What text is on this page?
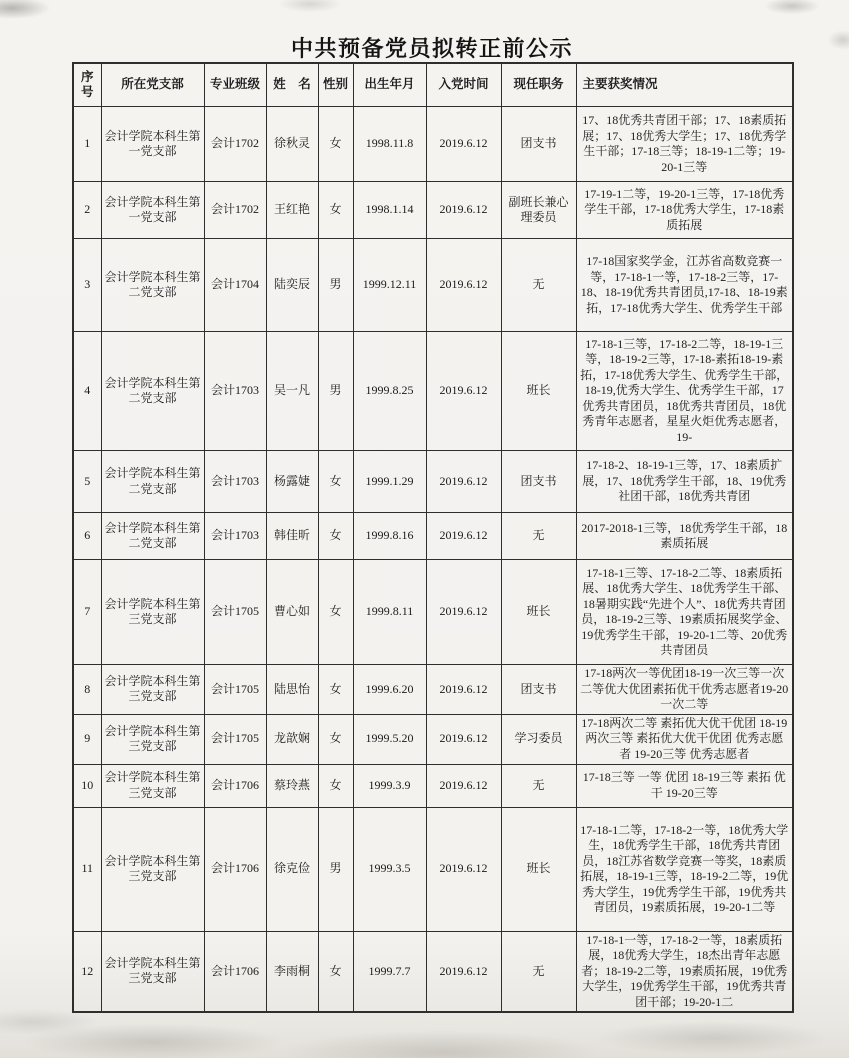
中共预备党员拟转正前公示
序号	所在党支部	专业班级	姓　名	性别	出生年月	入党时间	现任职务	主要获奖情况
1	会计学院本科生第一党支部	会计1702	徐秋灵	女	1998.11.8	2019.6.12	团支书	17、18优秀共青团干部；17、18素质拓展；17、18优秀大学生；17、18优秀学生干部；17-18三等；18-19-1二等；19-20-1三等
2	会计学院本科生第一党支部	会计1702	王红艳	女	1998.1.14	2019.6.12	副班长兼心理委员	17-19-1二等，19-20-1三等，17-18优秀学生干部，17-18优秀大学生，17-18素质拓展
3	会计学院本科生第二党支部	会计1704	陆奕辰	男	1999.12.11	2019.6.12	无	17-18国家奖学金，江苏省高数竞赛一等，17-18-1一等，17-18-2三等，17-18、18-19优秀共青团员,17-18、18-19素拓，17-18优秀大学生、优秀学生干部
4	会计学院本科生第二党支部	会计1703	吴一凡	男	1999.8.25	2019.6.12	班长	17-18-1三等，17-18-2二等，18-19-1三等，18-19-2三等，17-18-素拓18-19-素拓，17-18优秀大学生、优秀学生干部，18-19,优秀大学生、优秀学生干部，17优秀共青团员，18优秀共青团员，18优秀青年志愿者，星星火炬优秀志愿者，19-
5	会计学院本科生第二党支部	会计1703	杨露婕	女	1999.1.29	2019.6.12	团支书	17-18-2、18-19-1三等，17、18素质扩展，17、18优秀学生干部，18、19优秀社团干部，18优秀共青团
6	会计学院本科生第二党支部	会计1703	韩佳昕	女	1999.8.16	2019.6.12	无	2017-2018-1三等，18优秀学生干部，18素质拓展
7	会计学院本科生第三党支部	会计1705	曹心如	女	1999.8.11	2019.6.12	班长	17-18-1三等、17-18-2二等、18素质拓展、18优秀大学生、18优秀学生干部、18暑期实践“先进个人”、18优秀共青团员，18-19-2三等、19素质拓展奖学金、19优秀学生干部，19-20-1二等、20优秀共青团员
8	会计学院本科生第三党支部	会计1705	陆思怡	女	1999.6.20	2019.6.12	团支书	17-18两次一等优团18-19一次三等一次二等优大优团素拓优干优秀志愿者19-20一次二等
9	会计学院本科生第三党支部	会计1705	龙歆娴	女	1999.5.20	2019.6.12	学习委员	17-18两次二等 素拓优大优干优团 18-19两次三等 素拓优大优干优团 优秀志愿者 19-20三等 优秀志愿者
10	会计学院本科生第三党支部	会计1706	蔡玲燕	女	1999.3.9	2019.6.12	无	17-18三等 一等 优团 18-19三等 素拓 优干 19-20三等
11	会计学院本科生第三党支部	会计1706	徐克俭	男	1999.3.5	2019.6.12	班长	17-18-1二等，17-18-2一等，18优秀大学生，18优秀学生干部，18优秀共青团员，18江苏省数学竞赛一等奖，18素质拓展，18-19-1三等，18-19-2二等，19优秀大学生，19优秀学生干部，19优秀共青团员，19素质拓展，19-20-1二等
12	会计学院本科生第三党支部	会计1706	李雨桐	女	1999.7.7	2019.6.12	无	17-18-1一等，17-18-2一等，18素质拓展，18优秀大学生，18杰出青年志愿者；18-19-2二等，19素质拓展，19优秀大学生，19优秀学生干部，19优秀共青团干部；19-20-1二
